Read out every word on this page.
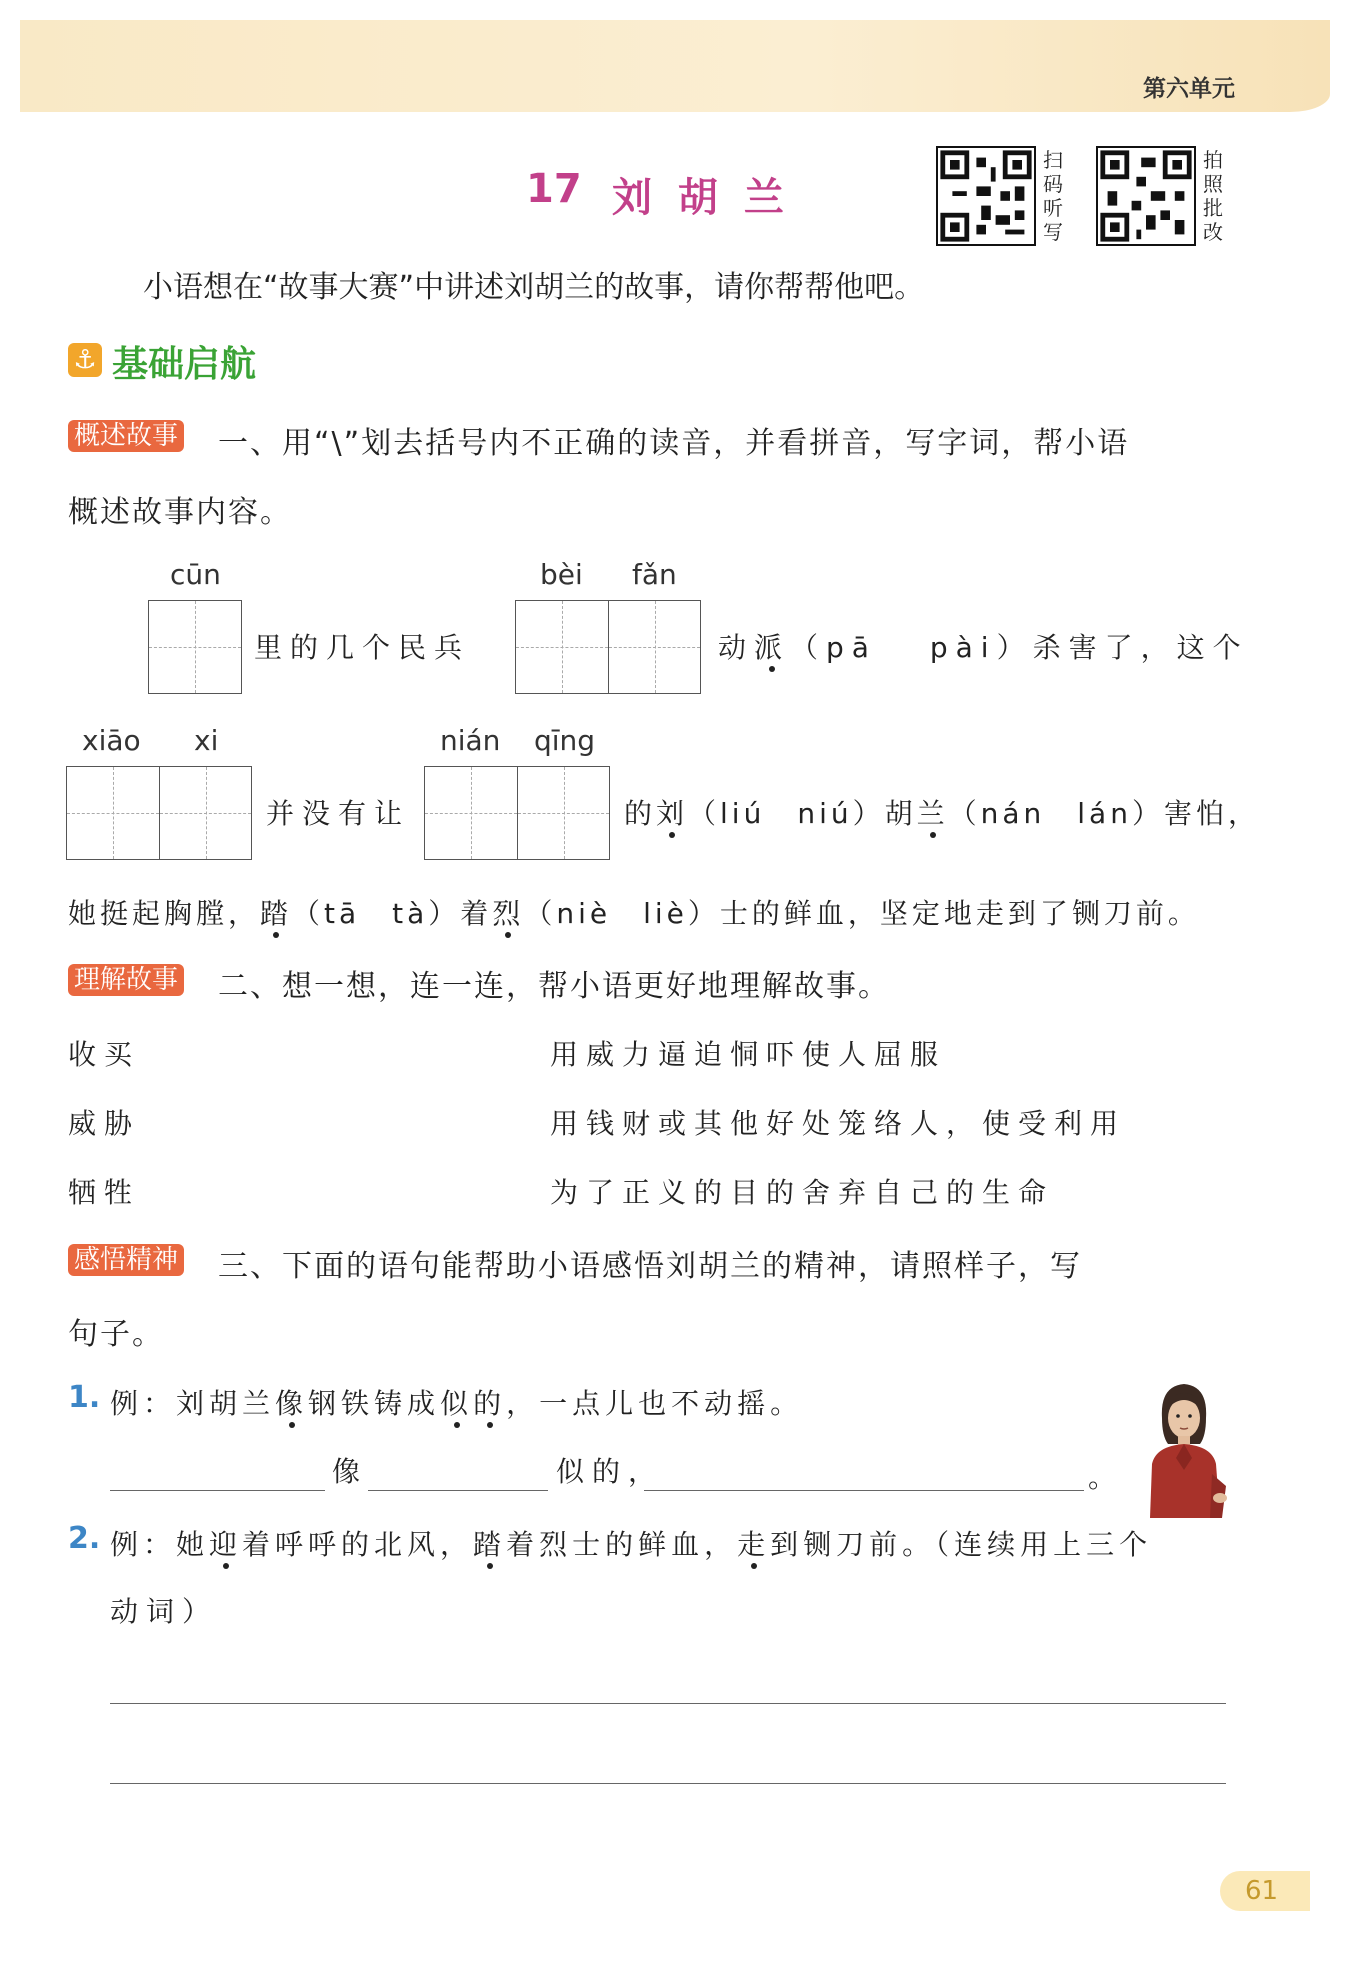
第六单元
17 刘 胡 兰
扫
码
听
写
拍
照
批
改
小语想在“故事大赛”中讲述刘胡兰的故事，请你帮帮他吧。
⚓ 基础启航
概述故事 一、用“\”划去括号内不正确的读音，并看拼音，写字词，帮小语
概述故事内容。
cūn
里的几个民兵
bèi fǎn
动派（pā　 pài）杀害了，这个
xiāo xi
并没有让
nián qīng
的刘（liú　niú）胡兰（nán　lán）害怕，
她挺起胸膛，踏（tā　tà）着烈（niè　liè）士的鲜血，坚定地走到了铡刀前。
理解故事 二、想一想，连一连，帮小语更好地理解故事。
收买
威胁
牺牲
用威力逼迫恫吓使人屈服
用钱财或其他好处笼络人，使受利用
为了正义的目的舍弃自己的生命
感悟精神 三、下面的语句能帮助小语感悟刘胡兰的精神，请照样子，写
句子。
1. 例：刘胡兰像钢铁铸成似的，一点儿也不动摇。
像	似的，	。
2. 例：她迎着呼呼的北风，踏着烈士的鲜血，走到铡刀前。（连续用上三个
动词）
61
